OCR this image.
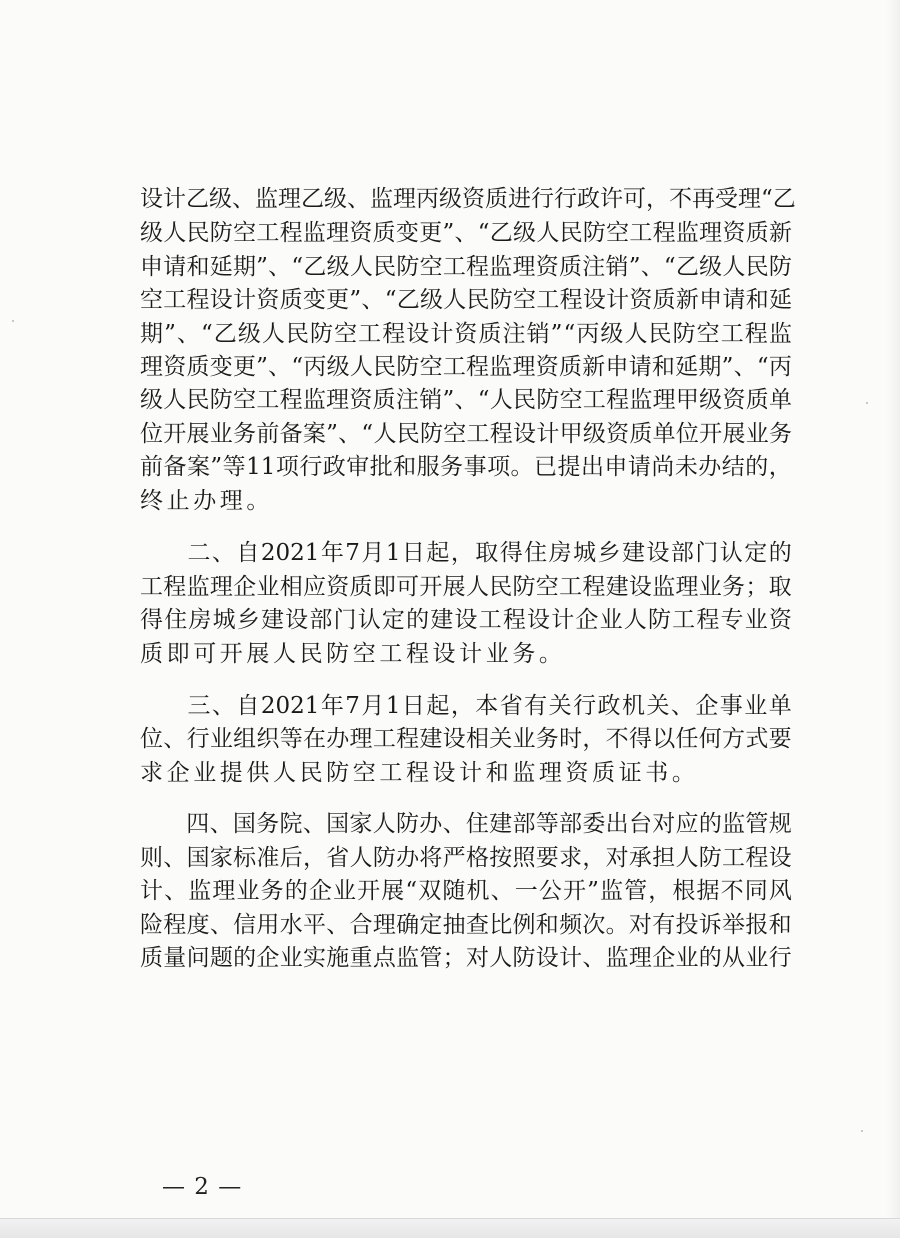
设 计 乙 级 、 监 理 乙 级 、 监 理 丙 级 资 质 进 行 行 政 许 可 ， 不 再 受 理 “ 乙
级 人 民 防 空 工 程 监 理 资 质 变 更 ” 、 “ 乙 级 人 民 防 空 工 程 监 理 资 质 新
申 请 和 延 期 ” 、 “ 乙 级 人 民 防 空 工 程 监 理 资 质 注 销 ” 、 “ 乙 级 人 民 防
空 工 程 设 计 资 质 变 更 ” 、 “ 乙 级 人 民 防 空 工 程 设 计 资 质 新 申 请 和 延
期 ” 、 “ 乙 级 人 民 防 空 工 程 设 计 资 质 注 销 ” “ 丙 级 人 民 防 空 工 程 监
理 资 质 变 更 ” 、 “ 丙 级 人 民 防 空 工 程 监 理 资 质 新 申 请 和 延 期 ” 、 “ 丙
级 人 民 防 空 工 程 监 理 资 质 注 销 ” 、 “ 人 民 防 空 工 程 监 理 甲 级 资 质 单
位 开 展 业 务 前 备 案 ” 、 “ 人 民 防 空 工 程 设 计 甲 级 资 质 单 位 开 展 业 务
前 备 案 ” 等 11 项 行 政 审 批 和 服 务 事 项 。 已 提 出 申 请 尚 未 办 结 的 ，
终 止 办 理 。
二 、 自 2021 年 7 月 1 日 起 ， 取 得 住 房 城 乡 建 设 部 门 认 定 的
工 程 监 理 企 业 相 应 资 质 即 可 开 展 人 民 防 空 工 程 建 设 监 理 业 务 ； 取
得 住 房 城 乡 建 设 部 门 认 定 的 建 设 工 程 设 计 企 业 人 防 工 程 专 业 资
质 即 可 开 展 人 民 防 空 工 程 设 计 业 务 。
三 、 自 2021 年 7 月 1 日 起 ， 本 省 有 关 行 政 机 关 、 企 事 业 单
位 、 行 业 组 织 等 在 办 理 工 程 建 设 相 关 业 务 时 ， 不 得 以 任 何 方 式 要
求 企 业 提 供 人 民 防 空 工 程 设 计 和 监 理 资 质 证 书 。
四 、 国 务 院 、 国 家 人 防 办 、 住 建 部 等 部 委 出 台 对 应 的 监 管 规
则 、 国 家 标 准 后 ， 省 人 防 办 将 严 格 按 照 要 求 ， 对 承 担 人 防 工 程 设
计 、 监 理 业 务 的 企 业 开 展 “ 双 随 机 、 一 公 开 ” 监 管 ， 根 据 不 同 风
险 程 度 、 信 用 水 平 、 合 理 确 定 抽 查 比 例 和 频 次 。 对 有 投 诉 举 报 和
质 量 问 题 的 企 业 实 施 重 点 监 管 ； 对 人 防 设 计 、 监 理 企 业 的 从 业 行
— 2 —
